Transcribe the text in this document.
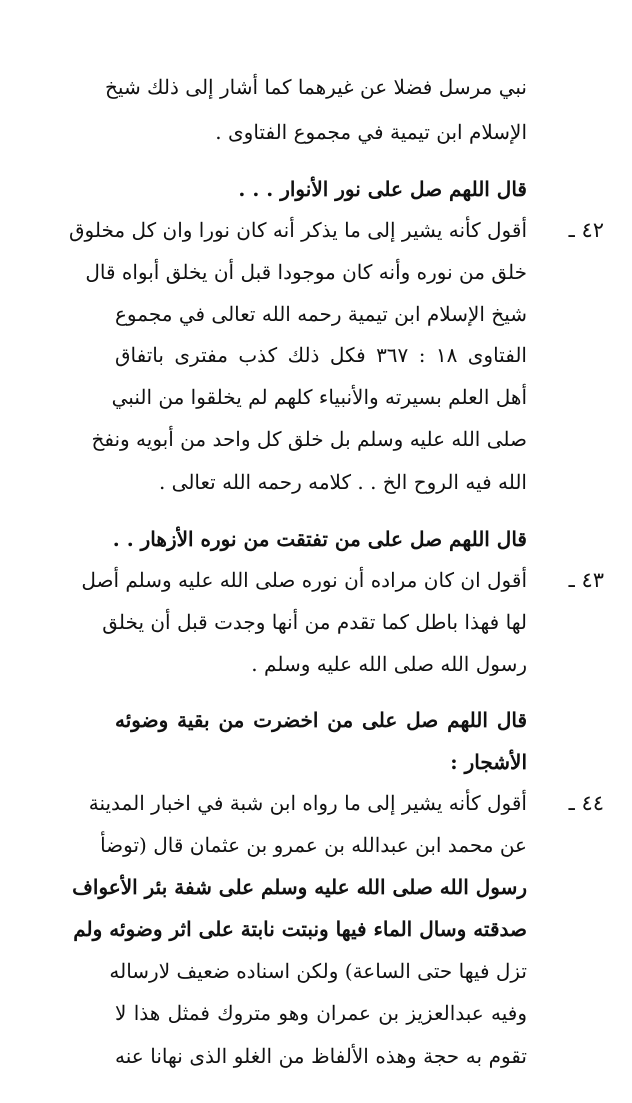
نبي مرسل فضلا عن غيرهما كما أشار إلى ذلك شيخ
الإسلام ابن تيمية في مجموع الفتاوى .
قال اللهم صل على نور الأنوار . . .
٤٢ ـ
أقول كأنه يشير إلى ما يذكر أنه كان نورا وان كل مخلوق
خلق من نوره وأنه كان موجودا قبل أن يخلق أبواه قال
شيخ الإسلام ابن تيمية رحمه الله تعالى في مجموع
الفتاوى ١٨ : ٣٦٧ فكل ذلك كذب مفترى باتفاق
أهل العلم بسيرته والأنبياء كلهم لم يخلقوا من النبي
صلى الله عليه وسلم بل خلق كل واحد من أبويه ونفخ
الله فيه الروح الخ . . كلامه رحمه الله تعالى .
قال اللهم صل على من تفتقت من نوره الأزهار . .
٤٣ ـ
أقول ان كان مراده أن نوره صلى الله عليه وسلم أصل
لها فهذا باطل كما تقدم من أنها وجدت قبل أن يخلق
رسول الله صلى الله عليه وسلم .
قال اللهم صل على من اخضرت من بقية وضوئه
الأشجار :
٤٤ ـ
أقول كأنه يشير إلى ما رواه ابن شبة في اخبار المدينة
عن محمد ابن عبدالله بن عمرو بن عثمان قال (توضأ
رسول الله صلى الله عليه وسلم على شفة بئر الأعواف
صدقته وسال الماء فيها ونبتت نابتة على اثر وضوئه ولم
تزل فيها حتى الساعة) ولكن اسناده ضعيف لارساله
وفيه عبدالعزيز بن عمران وهو متروك فمثل هذا لا
تقوم به حجة وهذه الألفاظ من الغلو الذى نهانا عنه
